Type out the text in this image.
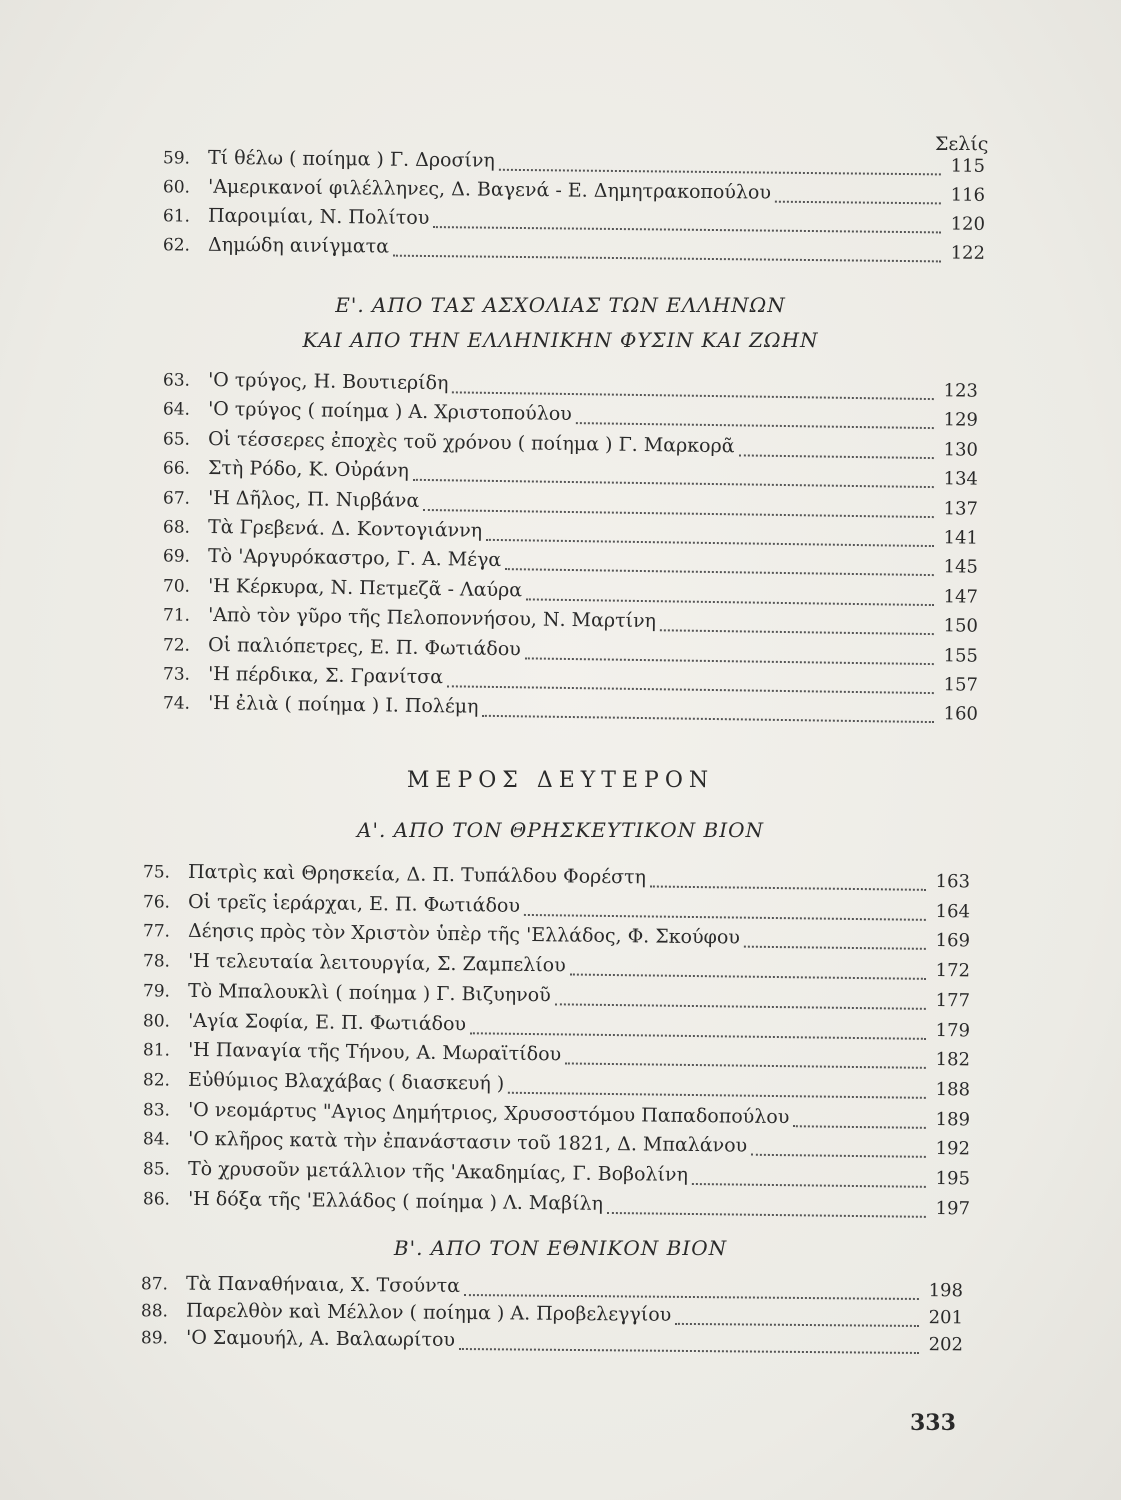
Σελίς
59. Τί θέλω ( ποίημα ) Γ. Δροσίνη	115
60. 'Αμερικανοί φιλέλληνες, Δ. Βαγενά - Ε. Δημητρακοπούλου	116
61. Παροιμίαι, Ν. Πολίτου	120
62. Δημώδη αινίγματα	122
Ε'. ΑΠΟ ΤΑΣ ΑΣΧΟΛΙΑΣ ΤΩΝ ΕΛΛΗΝΩΝ
ΚΑΙ ΑΠΟ ΤΗΝ ΕΛΛΗΝΙΚΗΝ ΦΥΣΙΝ ΚΑΙ ΖΩΗΝ
63. 'Ο τρύγος, Η. Βουτιερίδη	123
64. 'Ο τρύγος ( ποίημα ) Α. Χριστοπούλου	129
65. Οἱ τέσσερες ἐποχὲς τοῦ χρόνου ( ποίημα ) Γ. Μαρκορᾶ	130
66. Στὴ Ρόδο, Κ. Οὐράνη	134
67. 'Η Δῆλος, Π. Νιρβάνα	137
68. Τὰ Γρεβενά. Δ. Κοντογιάννη	141
69. Τὸ 'Αργυρόκαστρο, Γ. Α. Μέγα	145
70. 'Η Κέρκυρα, Ν. Πετμεζᾶ - Λαύρα	147
71. 'Απὸ τὸν γῦρο τῆς Πελοποννήσου, Ν. Μαρτίνη	150
72. Οἱ παλιόπετρες, Ε. Π. Φωτιάδου	155
73. 'Η πέρδικα, Σ. Γρανίτσα	157
74. 'Η ἐλιὰ ( ποίημα ) Ι. Πολέμη	160
ΜΕΡΟΣ ΔΕΥΤΕΡΟΝ
Α'. ΑΠΟ ΤΟΝ ΘΡΗΣΚΕΥΤΙΚΟΝ ΒΙΟΝ
75. Πατρὶς καὶ Θρησκεία, Δ. Π. Τυπάλδου Φορέστη	163
76. Οἱ τρεῖς ἱεράρχαι, Ε. Π. Φωτιάδου	164
77. Δέησις πρὸς τὸν Χριστὸν ὑπὲρ τῆς 'Ελλάδος, Φ. Σκούφου	169
78. 'Η τελευταία λειτουργία, Σ. Ζαμπελίου	172
79. Τὸ Μπαλουκλὶ ( ποίημα ) Γ. Βιζυηνοῦ	177
80. 'Αγία Σοφία, Ε. Π. Φωτιάδου	179
81. 'Η Παναγία τῆς Τήνου, Α. Μωραϊτίδου	182
82. Εὐθύμιος Βλαχάβας ( διασκευή )	188
83. 'Ο νεομάρτυς "Αγιος Δημήτριος, Χρυσοστόμου Παπαδοπούλου	189
84. 'Ο κλῆρος κατὰ τὴν ἐπανάστασιν τοῦ 1821, Δ. Μπαλάνου	192
85. Τὸ χρυσοῦν μετάλλιον τῆς 'Ακαδημίας, Γ. Βοβολίνη	195
86. 'Η δόξα τῆς 'Ελλάδος ( ποίημα ) Λ. Μαβίλη	197
Β'. ΑΠΟ ΤΟΝ ΕΘΝΙΚΟΝ ΒΙΟΝ
87. Τὰ Παναθήναια, Χ. Τσούντα	198
88. Παρελθὸν καὶ Μέλλον ( ποίημα ) Α. Προβελεγγίου	201
89. 'Ο Σαμουήλ, Α. Βαλαωρίτου	202
333
